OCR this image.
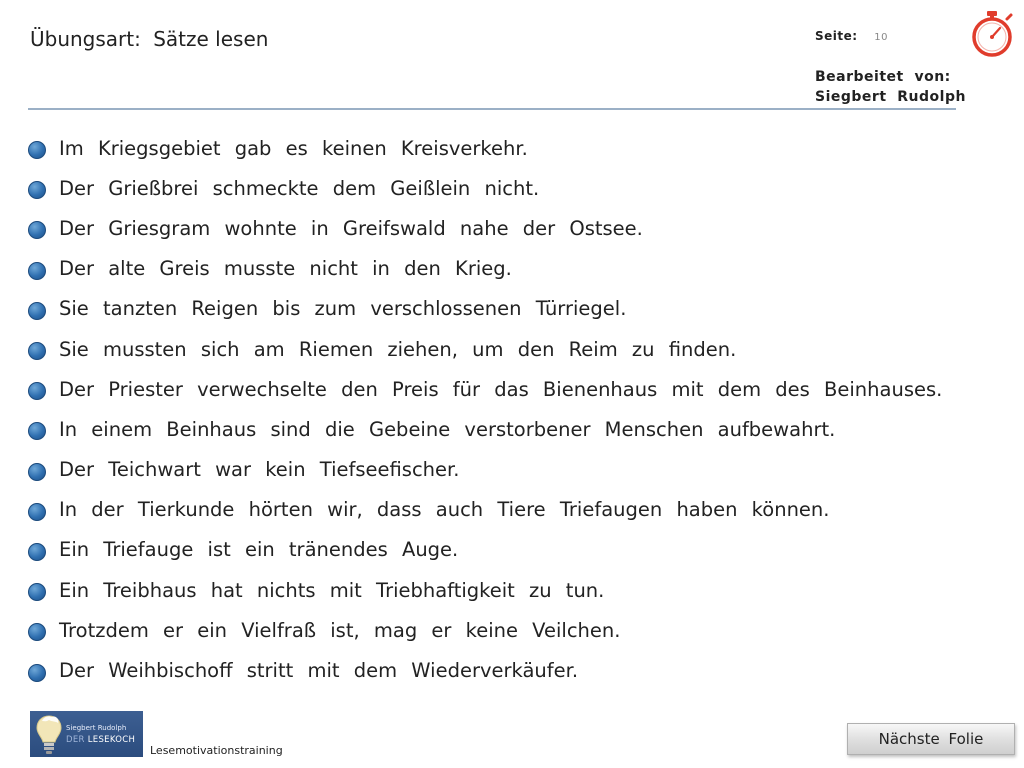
Übungsart: Sätze lesen	Seite: 10
Bearbeitet  von:
Siegbert  Rudolph
Im Kriegsgebiet gab es keinen Kreisverkehr.
Der Grießbrei schmeckte dem Geißlein nicht.
Der Griesgram wohnte in Greifswald nahe der Ostsee.
Der alte Greis musste nicht in den Krieg.
Sie tanzten Reigen bis zum verschlossenen Türriegel.
Sie mussten sich am Riemen ziehen, um den Reim zu finden.
Der Priester verwechselte den Preis für das Bienenhaus mit dem des Beinhauses.
In einem Beinhaus sind die Gebeine verstorbener Menschen aufbewahrt.
Der Teichwart war kein Tiefseefischer.
In der Tierkunde hörten wir, dass auch Tiere Triefaugen haben können.
Ein Triefauge ist ein tränendes Auge.
Ein Treibhaus hat nichts mit Triebhaftigkeit zu tun.
Trotzdem er ein Vielfraß ist, mag er keine Veilchen.
Der Weihbischoff stritt mit dem Wiederverkäufer.
Siegbert Rudolph
DER LESEKOCH
Lesemotivationstraining
Nächste Folie
